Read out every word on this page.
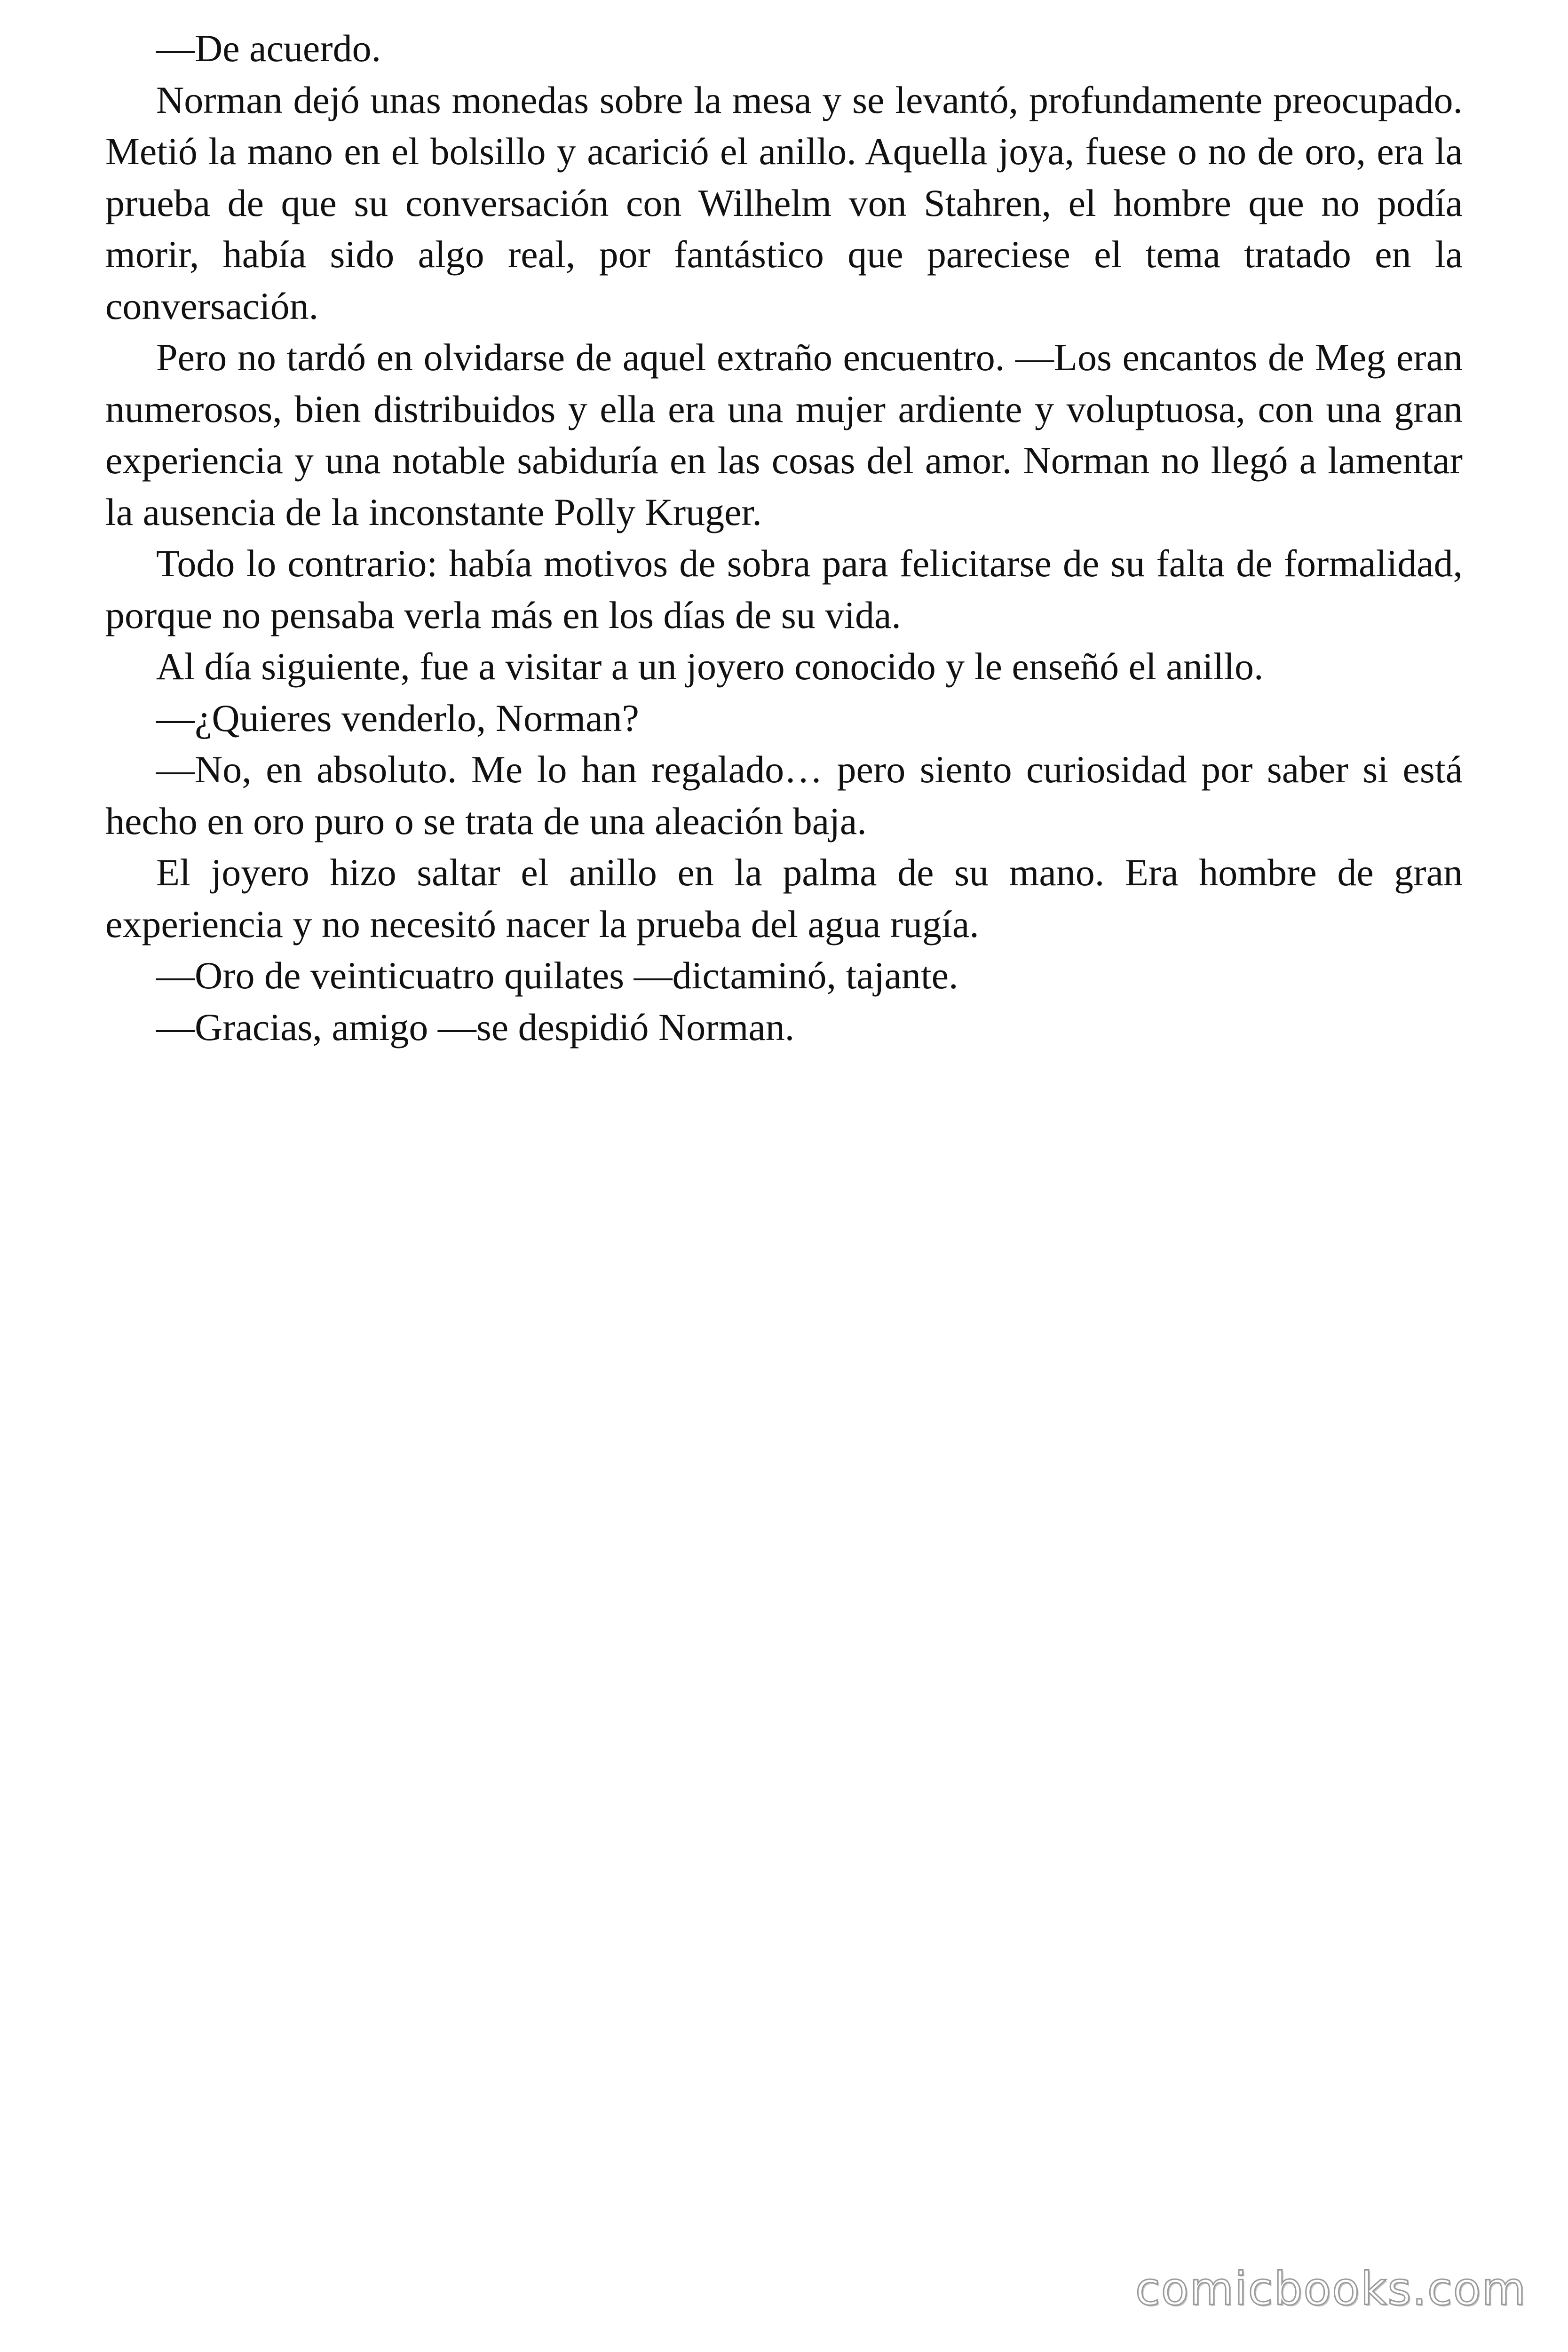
—De acuerdo.

Norman dejó unas monedas sobre la mesa y se levantó, profundamente preocupado. Metió la mano en el bolsillo y acarició el anillo. Aquella joya, fuese o no de oro, era la prueba de que su conversación con Wilhelm von Stahren, el hombre que no podía morir, había sido algo real, por fantástico que pareciese el tema tratado en la conversación.

Pero no tardó en olvidarse de aquel extraño encuentro. —Los encantos de Meg eran numerosos, bien distribuidos y ella era una mujer ardiente y voluptuosa, con una gran experiencia y una notable sabiduría en las cosas del amor. Norman no llegó a lamentar la ausencia de la inconstante Polly Kruger.

Todo lo contrario: había motivos de sobra para felicitarse de su falta de formalidad, porque no pensaba verla más en los días de su vida.

Al día siguiente, fue a visitar a un joyero conocido y le enseñó el anillo.

—¿Quieres venderlo, Norman?

—No, en absoluto. Me lo han regalado… pero siento curiosidad por saber si está hecho en oro puro o se trata de una aleación baja.

El joyero hizo saltar el anillo en la palma de su mano. Era hombre de gran experiencia y no necesitó nacer la prueba del agua rugía.

—Oro de veinticuatro quilates —dictaminó, tajante.

—Gracias, amigo —se despidió Norman.

comicbooks.com
